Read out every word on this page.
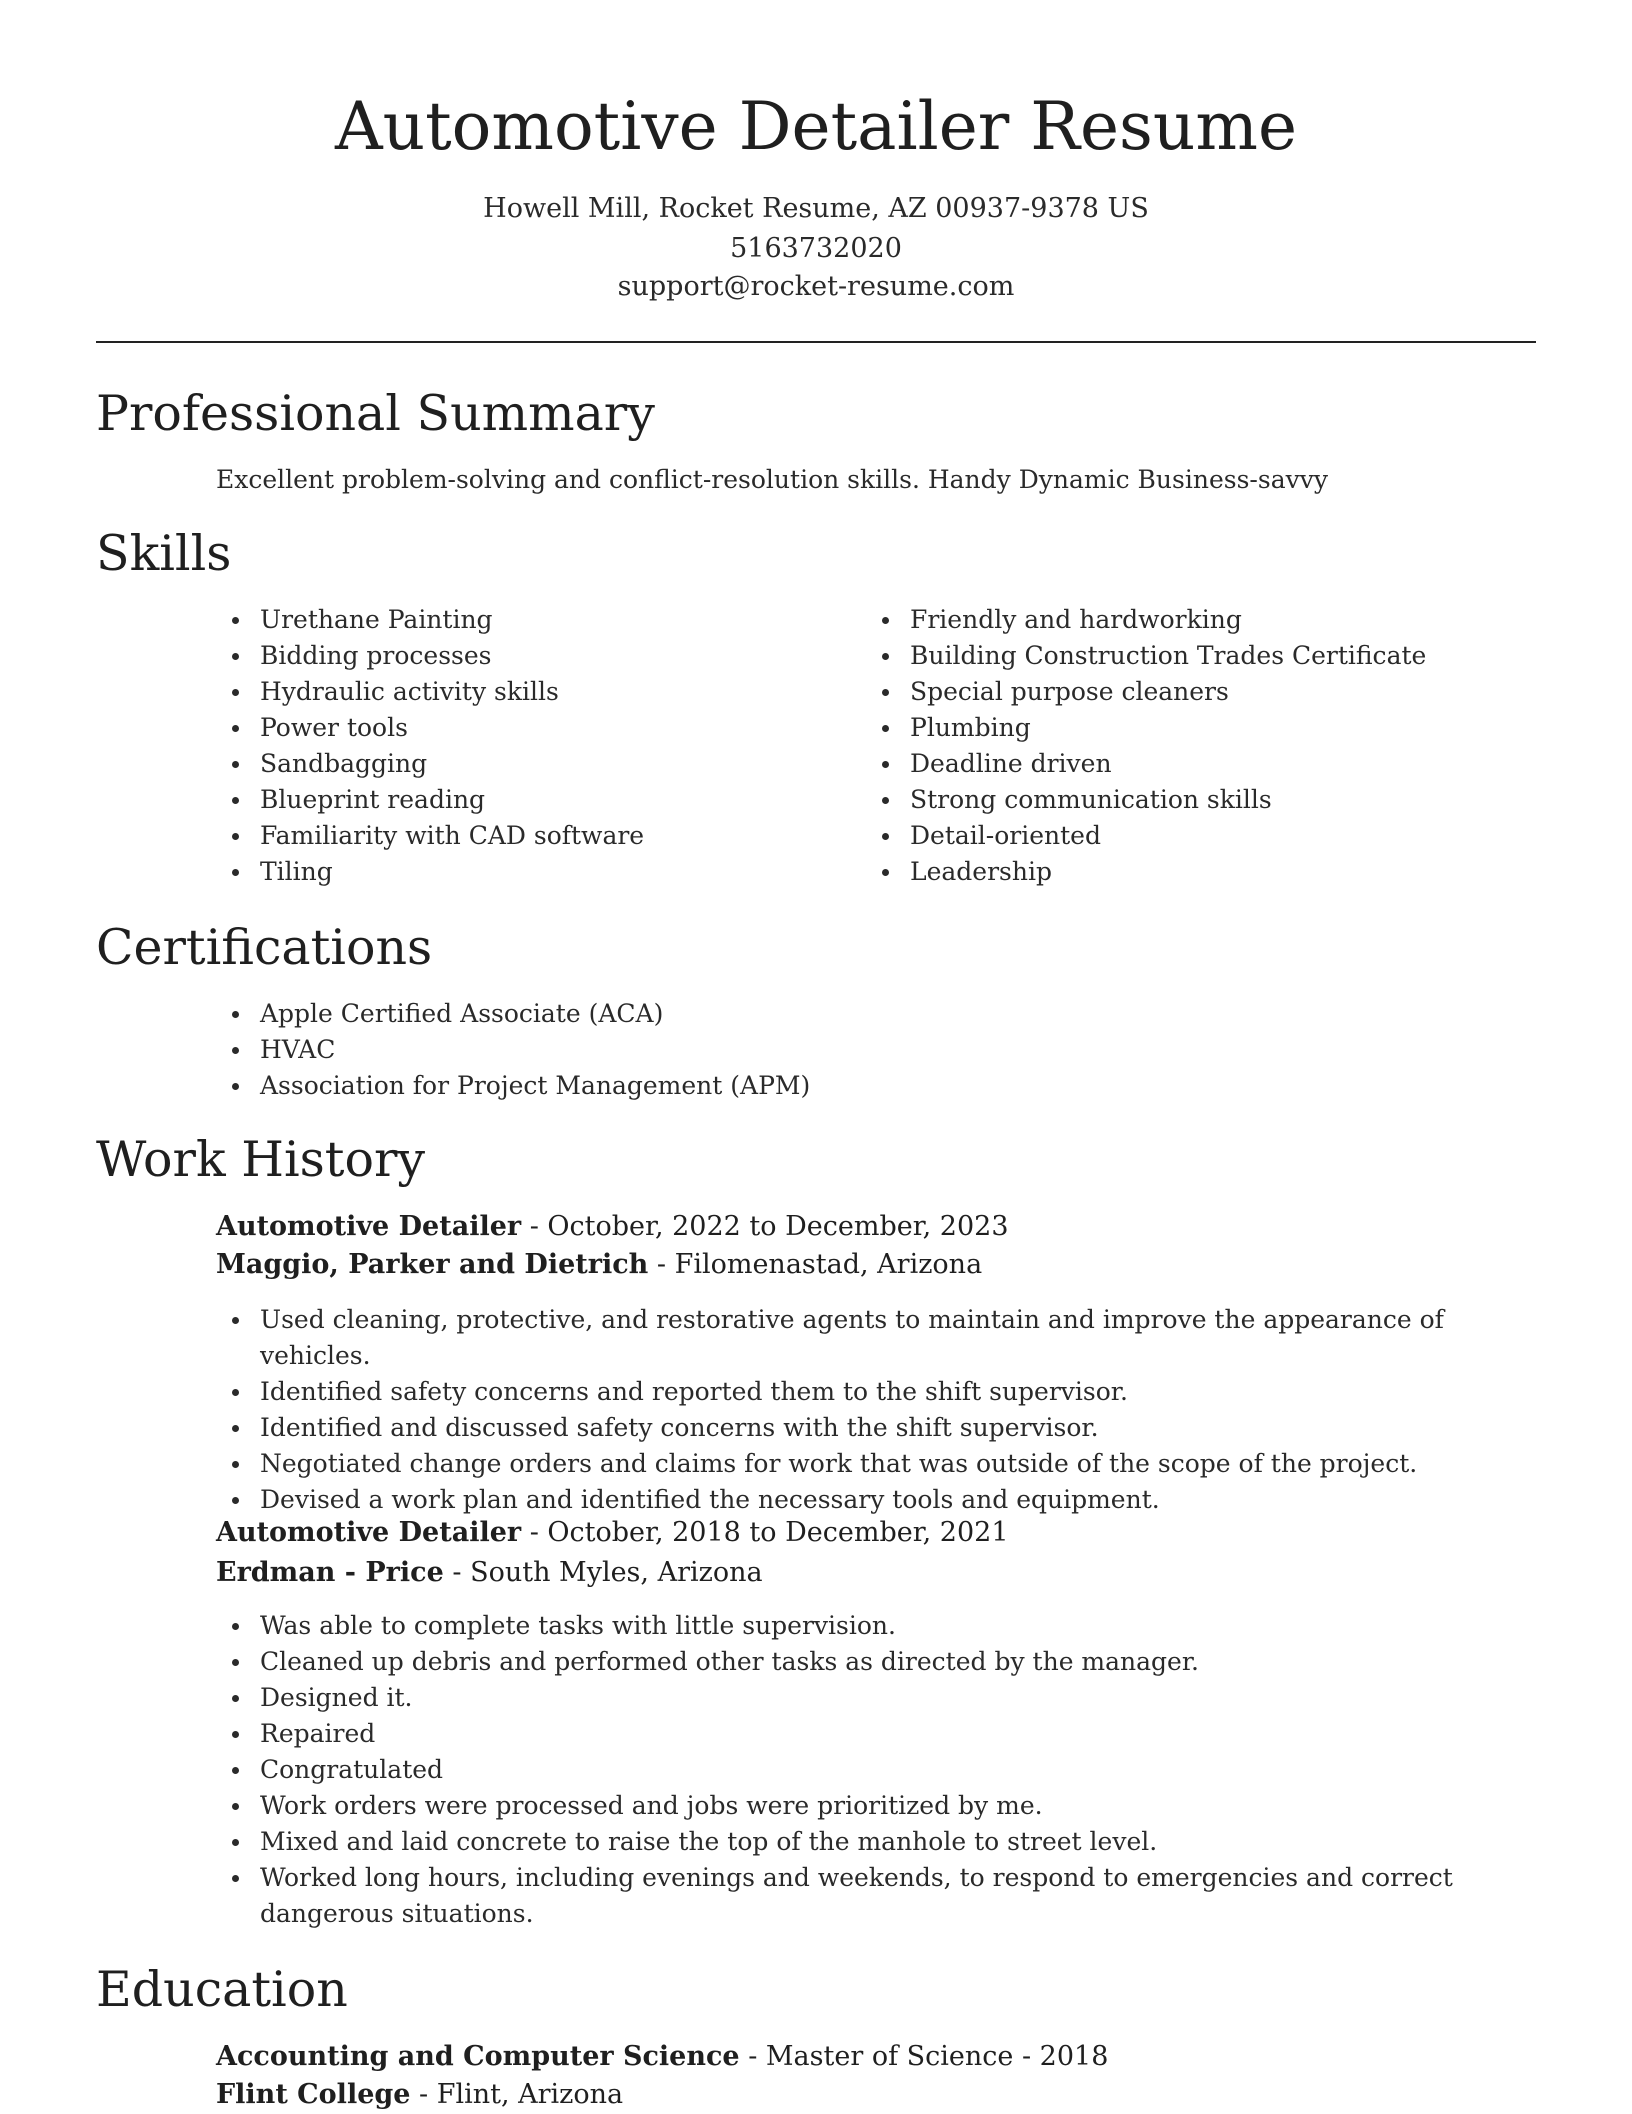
Automotive Detailer Resume
Howell Mill, Rocket Resume, AZ 00937-9378 US
5163732020
support@rocket-resume.com
Professional Summary
Excellent problem-solving and conflict-resolution skills. Handy Dynamic Business-savvy
Skills
Urethane Painting
Bidding processes
Hydraulic activity skills
Power tools
Sandbagging
Blueprint reading
Familiarity with CAD software
Tiling
Friendly and hardworking
Building Construction Trades Certificate
Special purpose cleaners
Plumbing
Deadline driven
Strong communication skills
Detail-oriented
Leadership
Certifications
Apple Certified Associate (ACA)
HVAC
Association for Project Management (APM)
Work History
Automotive Detailer - October, 2022 to December, 2023
Maggio, Parker and Dietrich - Filomenastad, Arizona
Used cleaning, protective, and restorative agents to maintain and improve the appearance of vehicles.
Identified safety concerns and reported them to the shift supervisor.
Identified and discussed safety concerns with the shift supervisor.
Negotiated change orders and claims for work that was outside of the scope of the project.
Devised a work plan and identified the necessary tools and equipment.
Automotive Detailer - October, 2018 to December, 2021
Erdman - Price - South Myles, Arizona
Was able to complete tasks with little supervision.
Cleaned up debris and performed other tasks as directed by the manager.
Designed it.
Repaired
Congratulated
Work orders were processed and jobs were prioritized by me.
Mixed and laid concrete to raise the top of the manhole to street level.
Worked long hours, including evenings and weekends, to respond to emergencies and correct dangerous situations.
Education
Accounting and Computer Science - Master of Science - 2018
Flint College - Flint, Arizona
